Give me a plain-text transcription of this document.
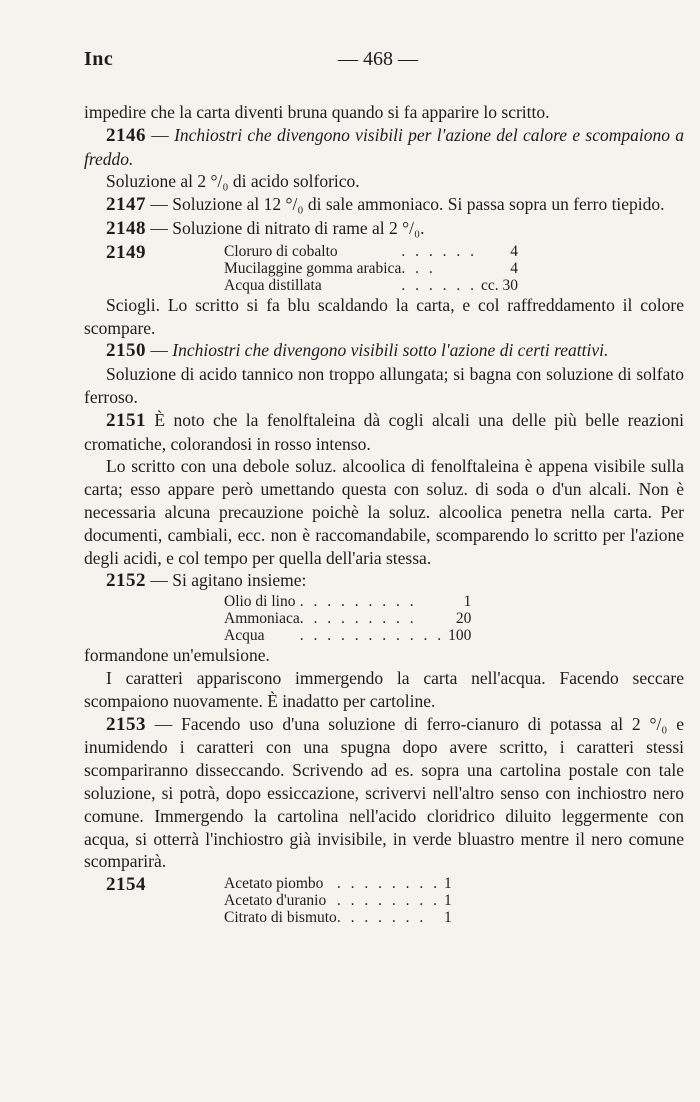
Inc	— 468 —

impedire che la carta diventi bruna quando si fa apparire lo scritto.

2146 — Inchiostri che divengono visibili per l'azione del calore e scompaiono a freddo.

Soluzione al 2 °/₀ di acido solforico.

2147 — Soluzione al 12 °/₀ di sale ammoniaco. Si passa sopra un ferro tiepido.

2148 — Soluzione di nitrato di rame al 2 °/₀.

2149	Cloruro di cobalto	. . . . . .	4
Mucilaggine gomma arabica	. . .	4
Acqua distillata	. . . . . .	cc. 30

Sciogli. Lo scritto si fa blu scaldando la carta, e col raffreddamento il colore scompare.

2150 — Inchiostri che divengono visibili sotto l'azione di certi reattivi.

Soluzione di acido tannico non troppo allungata; si bagna con soluzione di solfato ferroso.

2151 È noto che la fenolftaleina dà cogli alcali una delle più belle reazioni cromatiche, colorandosi in rosso intenso.

Lo scritto con una debole soluz. alcoolica di fenolftaleina è appena visibile sulla carta; esso appare però umettando questa con soluz. di soda o d'un alcali. Non è necessaria alcuna precauzione poichè la soluz. alcoolica penetra nella carta. Per documenti, cambiali, ecc. non è raccomandabile, scomparendo lo scritto per l'azione degli acidi, e col tempo per quella dell'aria stessa.

2152 — Si agitano insieme:

Olio di lino	. . . . . . . . .	1
Ammoniaca	. . . . . . . . .	20
Acqua	. . . . . . . . . . .	100

formandone un'emulsione.

I caratteri appariscono immergendo la carta nell'acqua. Facendo seccare scompaiono nuovamente. È inadatto per cartoline.

2153 — Facendo uso d'una soluzione di ferro-cianuro di potassa al 2 °/₀ e inumidendo i caratteri con una spugna dopo avere scritto, i caratteri stessi scompariranno disseccando. Scrivendo ad es. sopra una cartolina postale con tale soluzione, si potrà, dopo essiccazione, scrivervi nell'altro senso con inchiostro nero comune. Immergendo la cartolina nell'acido cloridrico diluito leggermente con acqua, si otterrà l'inchiostro già invisibile, in verde bluastro mentre il nero comune scomparirà.

2154	Acetato piombo	. . . . . . . .	1
Acetato d'uranio	. . . . . . . .	1
Citrato di bismuto	. . . . . . .	1
